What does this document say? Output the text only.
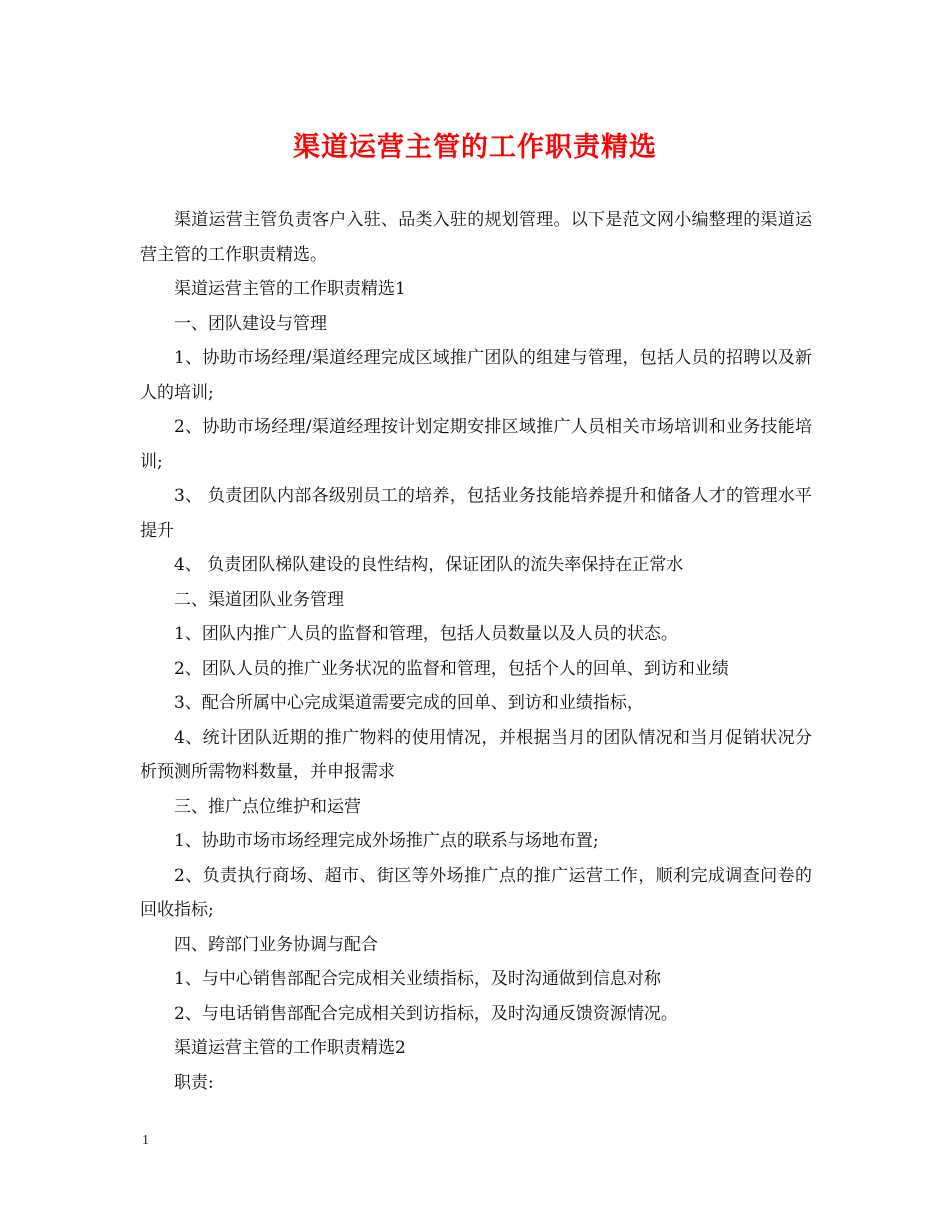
渠道运营主管的工作职责精选

渠道运营主管负责客户入驻、品类入驻的规划管理。以下是范文网小编整理的渠道运营主管的工作职责精选。

渠道运营主管的工作职责精选1

一、团队建设与管理

1、协助市场经理/渠道经理完成区域推广团队的组建与管理，包括人员的招聘以及新人的培训;

2、协助市场经理/渠道经理按计划定期安排区域推广人员相关市场培训和业务技能培训;

3、 负责团队内部各级别员工的培养，包括业务技能培养提升和储备人才的管理水平提升

4、 负责团队梯队建设的良性结构，保证团队的流失率保持在正常水

二、渠道团队业务管理

1、团队内推广人员的监督和管理，包括人员数量以及人员的状态。

2、团队人员的推广业务状况的监督和管理，包括个人的回单、到访和业绩

3、配合所属中心完成渠道需要完成的回单、到访和业绩指标，

4、统计团队近期的推广物料的使用情况，并根据当月的团队情况和当月促销状况分析预测所需物料数量，并申报需求

三、推广点位维护和运营

1、协助市场市场经理完成外场推广点的联系与场地布置;

2、负责执行商场、超市、街区等外场推广点的推广运营工作，顺利完成调查问卷的回收指标;

四、跨部门业务协调与配合

1、与中心销售部配合完成相关业绩指标，及时沟通做到信息对称

2、与电话销售部配合完成相关到访指标，及时沟通反馈资源情况。

渠道运营主管的工作职责精选2

职责:

1
